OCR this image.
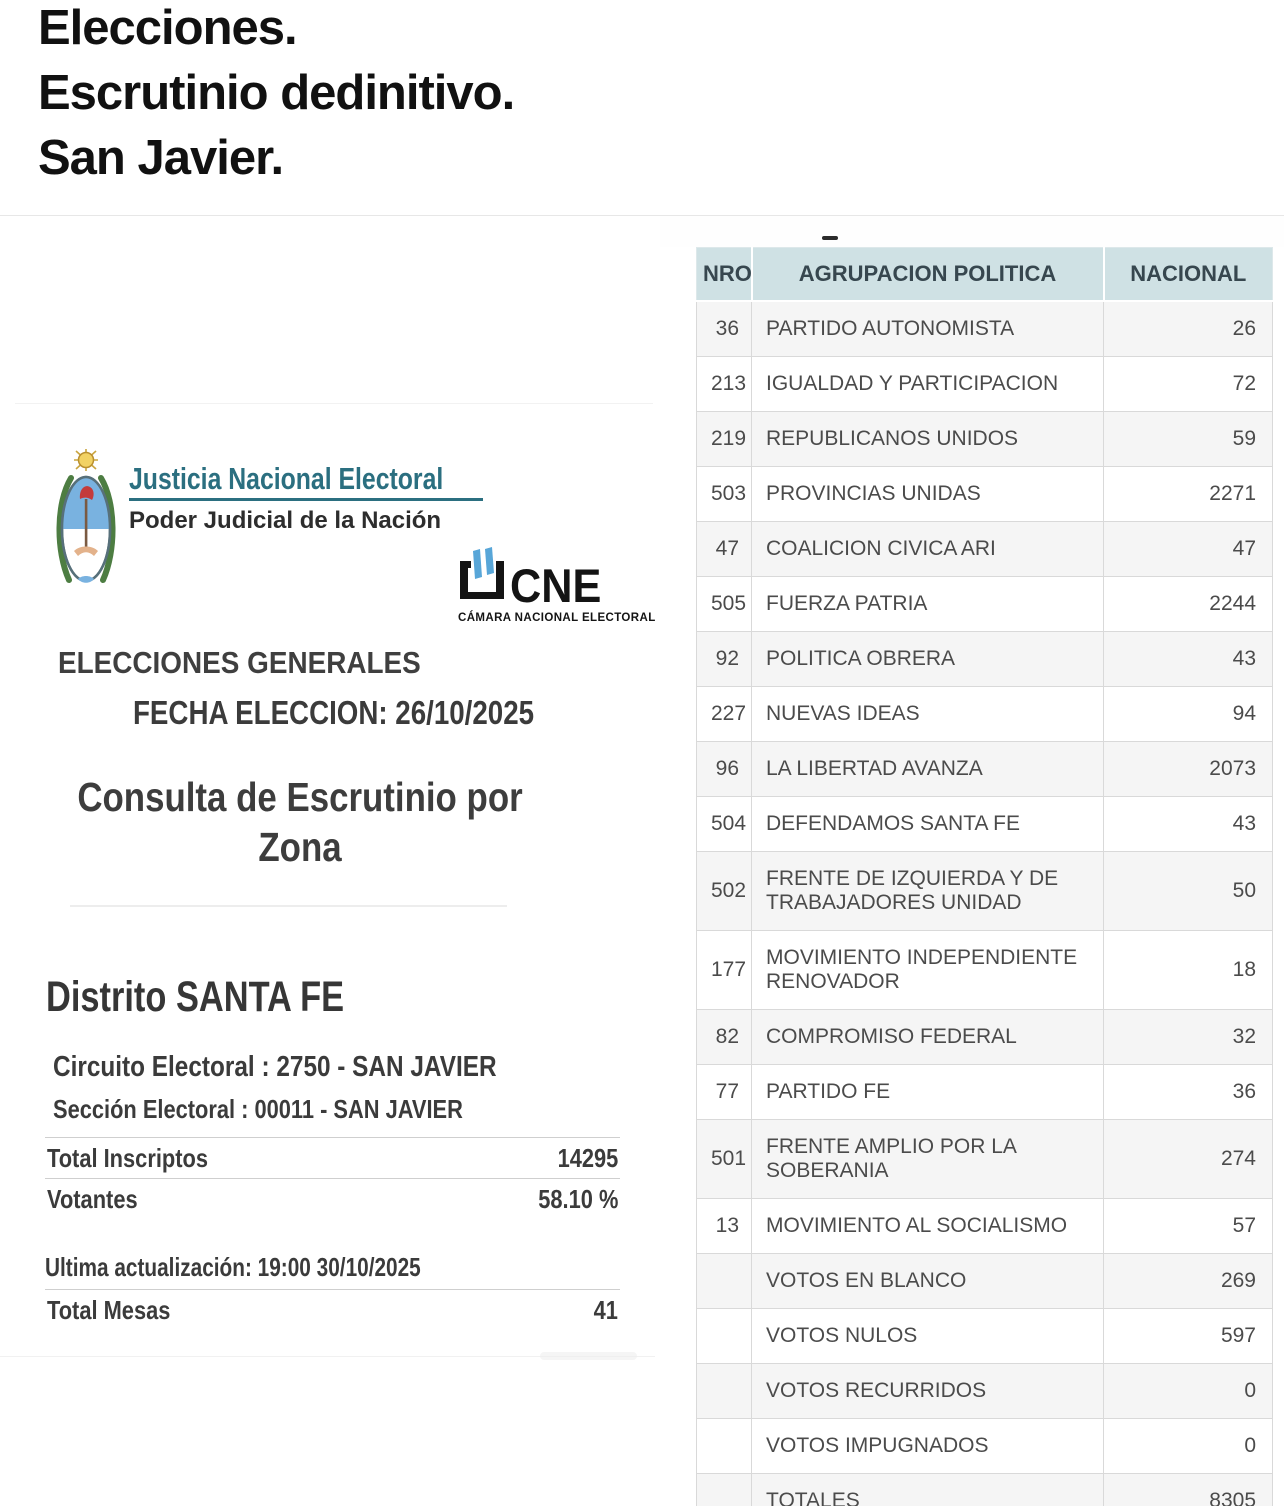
Elecciones.
Escrutinio dedinitivo.
San Javier.
Justicia Nacional Electoral
Poder Judicial de la Nación
CNE
CÁMARA NACIONAL ELECTORAL
ELECCIONES GENERALES
FECHA ELECCION: 26/10/2025
Consulta de Escrutinio por Zona
Distrito SANTA FE
Circuito Electoral : 2750 - SAN JAVIER
Sección Electoral : 00011 - SAN JAVIER
Total Inscriptos	14295
Votantes	58.10 %
Ultima actualización: 19:00 30/10/2025
Total Mesas	41
NRO	AGRUPACION POLITICA	NACIONAL
36	PARTIDO AUTONOMISTA	26
213	IGUALDAD Y PARTICIPACION	72
219	REPUBLICANOS UNIDOS	59
503	PROVINCIAS UNIDAS	2271
47	COALICION CIVICA ARI	47
505	FUERZA PATRIA	2244
92	POLITICA OBRERA	43
227	NUEVAS IDEAS	94
96	LA LIBERTAD AVANZA	2073
504	DEFENDAMOS SANTA FE	43
502	FRENTE DE IZQUIERDA Y DE TRABAJADORES UNIDAD	50
177	MOVIMIENTO INDEPENDIENTE RENOVADOR	18
82	COMPROMISO FEDERAL	32
77	PARTIDO FE	36
501	FRENTE AMPLIO POR LA SOBERANIA	274
13	MOVIMIENTO AL SOCIALISMO	57
	VOTOS EN BLANCO	269
	VOTOS NULOS	597
	VOTOS RECURRIDOS	0
	VOTOS IMPUGNADOS	0
	TOTALES	8305
